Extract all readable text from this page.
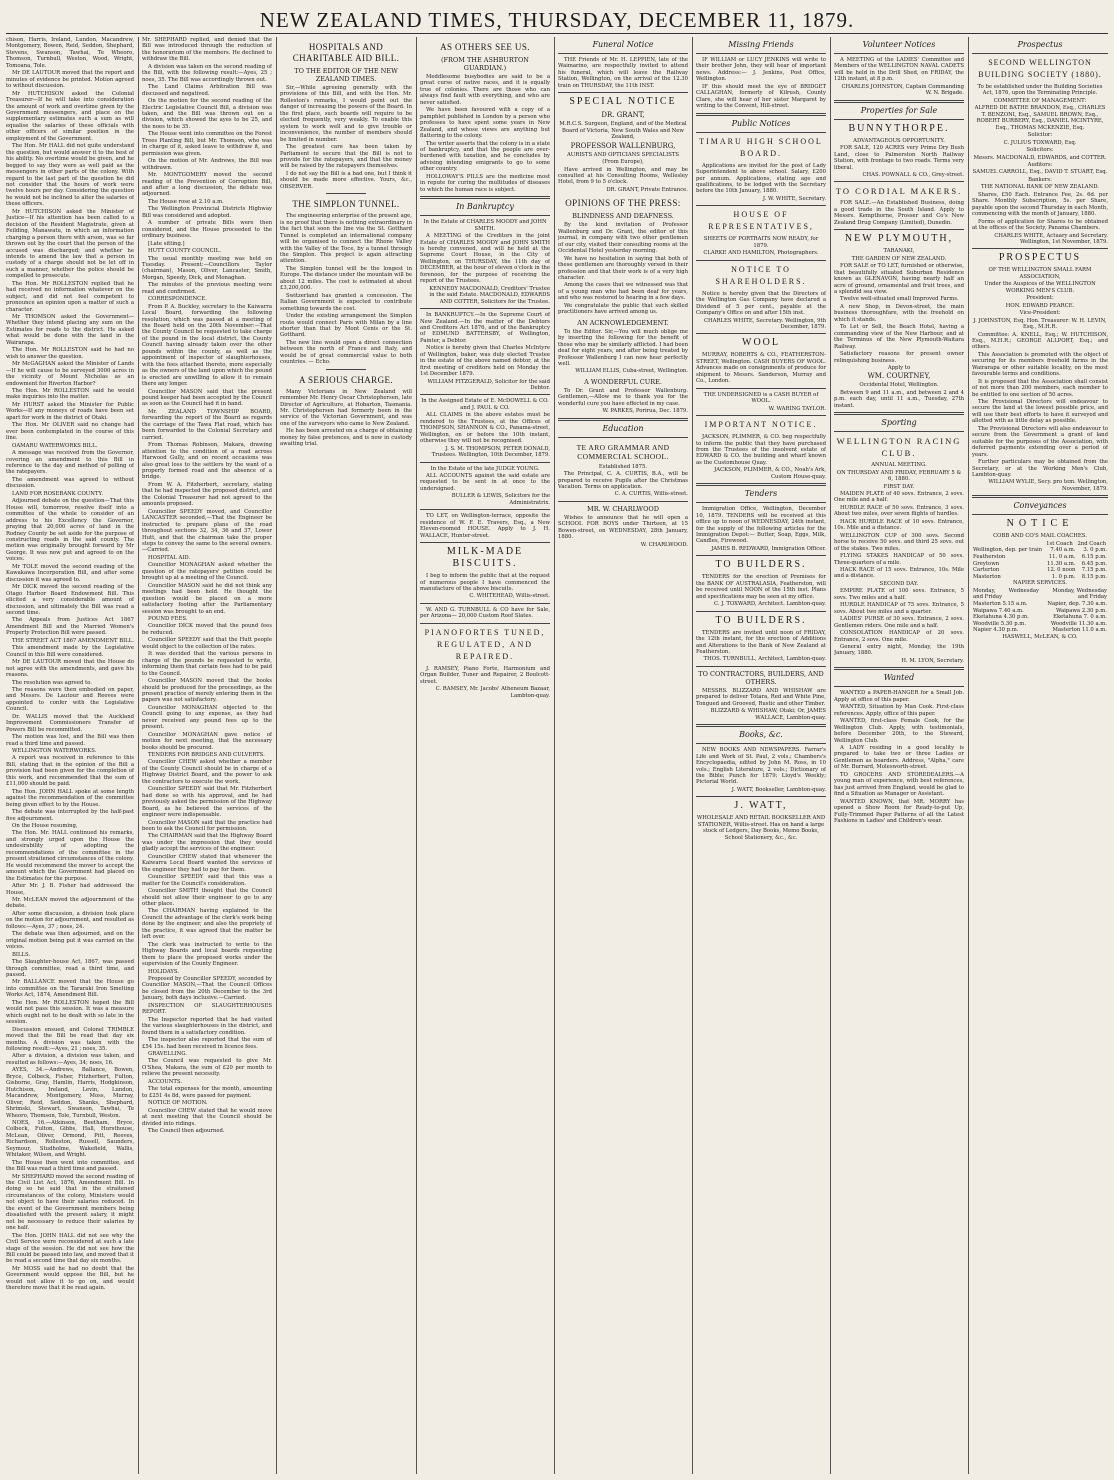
NEW ZEALAND TIMES, THURSDAY, DECEMBER 11, 1879.

chison, Harris, Ireland, Lundon, Macandrew, Montgomery, Bowen, Reid, Seddon, Shephard, Stevens, Swanson, Tawhai, Te Wheoro, Thomson, Turnbull, Weston, Wood, Wright, Tomoana, Tole.

Mr DE LAUTOUR moved that the report and minutes of evidence be printed. Motion agreed to without discussion.

Mr HUTCHISON asked the Colonial Treasurer—If he will take into consideration the amount of work and overtime given by the Government messengers, and place on the supplementary estimates such a sum as will equalise the salaries of these officials with other officers of similar position in the employment of the Government.

The Hon. Mr HALL did not quite understand the question, but would answer it to the best of his ability. No overtime would be given, and he begged to say they were as well paid as the messengers in other parts of the colony. With regard to the last part of the question he did not consider that the hours of work were twelve hours per day. Considering the question he would not be inclined to alter the salaries of these officers.

Mr HUTCHISON asked the Minister of Justice—If his attention has been called to a decision of the Resident Magistrate, given at Feilding, Manawatu, in which an information charging a person there with arson, was so far thrown out by the court that the person of the accused was discharged; and whether he intends to amend the law that a person in custody of a charge should not be let off in such a manner, whether the police should be compelled to prosecute.

The Hon. Mr ROLLESTON replied that he had received no information whatever on the subject, and did not feel competent to pronounce an opinion upon a matter of such a character.

Mr THOMSON asked the Government—Whether they intend placing any sum on the Estimates for roads to the district. He asked what would be done with the land in the Wairarapa.

The Hon. Mr ROLLESTON said he had no wish to answer the question.

Mr McGAGHAN asked the Minister of Lands—If he will cause to be surveyed 3000 acres in the vicinity of Mount Nicholas as an endowment for Riverton Harbor?

The Hon. Mr ROLLESTON said he would make inquiries into the matter.

Mr HURST asked the Minister for Public Works—If any moneys of roads have been set apart for work in the district of Otaki.

The Hon. Mr OLIVER said no change had ever been contemplated in the course of this line.

OAMARU WATERWORKS BILL.

A message was received from the Governor, covering an amendment to this Bill in reference to the day and method of polling of the ratepayers.

The amendment was agreed to without discussion.

LAND FOR ROSEBANK COUNTY.

Adjourned debate on the question—That this House will, tomorrow, resolve itself into a committee of the whole to consider of an address to his Excellency the Governor, praying that 20,000 acres of land in the Rodney County be set aside for the purpose of constructing roads in the said county. The motion was originally brought forward by Mr George. It was now put and agreed to on the voices.

Mr TOLE moved the second reading of the Kawakawa Incorporation Bill, and after some discussion it was agreed to.

Mr DICK moved the second reading of the Otago Harbor Board Endowment Bill. This elicited a very considerable amount of discussion, and ultimately the Bill was read a second time.

The Appeals from Justices Act 1867 Amendment Bill and the Married Women's Property Protection Bill were passed.

THE STREET ACT 1867 AMENDMENT BILL.

This amendment made by the Legislative Council in this Bill were considered.

Mr DE LAUTOUR moved that the House do not agree with the amendments, and gave his reasons.

The resolution was agreed to.

The reasons were then embodied on paper, and Messrs. De Lautour and Reeves were appointed to confer with the Legislative Council.

Dr. WALLIS moved that the Auckland Improvement Commissioners Transfer of Powers Bill be recommitted.

The motion was lost, and the Bill was then read a third time and passed.

WELLINGTON WATERWORKS.

A report was received in reference to this Bill, stating that in the opinion of the Bill a provision had been given for the completion of this work, and recommended that the sum of £11,000 should be paid.

The Hon. JOHN HALL spoke at some length against the recommendation of the committee being given effect to by the House.

The debate was interrupted by the half-past five adjournment.

On the House resuming,

The Hon. Mr. HALL continued his remarks, and strongly urged upon the House the undesirability of adopting the recommendations of the committee in the present straitened circumstances of the colony. He would recommend the mover to accept the amount which the Government had placed on the Estimates for the purpose.

After Mr. J. B. Fisher had addressed the House,

Mr. McLEAN moved the adjournment of the debate.

After some discussion, a division took place on the motion for adjournment, and resulted as follows:—Ayes, 37 ; noes, 24.

The debate was then adjourned, and on the original motion being put it was carried on the voices.

BILLS.

The Slaughter-house Act, 1867, was passed through committee, read a third time, and passed.

Mr BALLANCE moved that the House go into committee on the Tararaki Iron Smelting Works Act, 1874, Amendment Bill.

The Hon. Mr ROLLESTON hoped the Bill would not pass this session. It was a measure which ought not to be dealt with so late in the session.

Discussion ensued, and Colonel TRIMBLE moved that the Bill be read that day six months. A division was taken with the following result:—Ayes, 21 ; noes, 35.

After a division, a division was taken, and resulted as follows:—Ayes, 34; noes, 16.

AYES, 34.—Andrews, Ballance, Bowen, Bryce, Colbeck, Fisher, Fitzherbert, Fulton, Gisborne, Gray, Hamlin, Harris, Hodgkinson, Hutchison, Ireland, Levin, Lundon, Macandrew, Montgomery, Moss, Murray, Oliver, Reid, Seddon, Shanks, Shephard, Shrimski, Stewart, Swanson, Tawhai, Te Wheoro, Thomson, Tole, Turnbull, Weston.

NOES, 16.—Atkinson, Beetham, Bryce, Colbeck, Fulton, Gibbs, Hall, Hursthouse, McLean, Oliver, Ormond, Pitt, Reeves, Richardson, Rolleston, Russell, Saunders, Seymour, Studholme, Wakefield, Wallis, Whitaker, Wilson, and Wright.

The House then went into committee, and the Bill was read a third time and passed.

Mr SHEPHARD moved the second reading of the Civil List Act, 1876, Amendment Bill. In doing so he said that in the straitened circumstances of the colony, Ministers would not object to have their salaries reduced. In the event of the Government members being dissatisfied with the present salary, it might not be necessary to reduce their salaries by one half.

The Hon. JOHN HALL did not see why the Civil Service were reconsidered at such a late stage of the session. He did not see how the Bill could be passed into law, and moved that it be read a second time that day six months.

Mr MOSS said he had no doubt that the Government would oppose the Bill, but he would not allow it to go on, and would therefore move that it be read again.

Mr. SHEPHARD replied, and denied that the Bill was introduced through the reduction of the honorarium of the members. He declined to withdraw the Bill.

A division was taken on the second reading of the Bill, with the following result:—Ayes, 25 ; noes, 35. The Bill was accordingly thrown out.

The Land Claims Arbitration Bill was discussed and negatived.

On the motion for the second reading of the Electric Legislative Council Bill, a division was taken, and the Bill was thrown out on a division, which showed the ayes to be 25, and the noes to be 35.

The House went into committee on the Forest Trees Planting Bill, but Mr. Thomson, who was in charge of it, asked leave to withdraw it, and permission was given.

On the motion of Mr. Andrews, the Bill was withdrawn.

Mr. MONTGOMERY moved the second reading of the Prevention of Corruption Bill, and after a long discussion, the debate was adjourned.

The House rose at 2.10 a.m.

The Wellington Provincial Districts Highway Bill was considered and adopted.

A number of private Bills were then considered, and the House proceeded to the ordinary business.

[Late sitting.]

HUTT COUNTY COUNCIL.

The usual monthly meeting was held on Tuesday. Present:—Councillors Taylor (chairman), Mason, Oliver, Lancaster, Smith, Morgan, Speedy, Dick, and Monaghan.

The minutes of the previous meeting were read and confirmed.

CORRESPONDENCE.

From P. A. Buckley, secretary to the Kaiwarra Local Board, forwarding the following resolution, which was passed at a meeting of the Board held on the 20th November:—That the County Council be requested to take charge of the pound in the local district, the County Council having already taken over the other pounds within the county, as well as the appointment of inspector of slaughterhouses, with the fees attached thereto, more especially as the owners of the land upon which the pound is erected are unwilling to allow it to remain there any longer.

Councillor MASON said that the present pound keeper had been accepted by the Council as soon as the Council had it in hand.

Mr. ZEALAND TOWNSHIP BOARD, forwarding the report of the Board as regards the carriage of the Tawa Flat road, which has been forwarded to the Colonial Secretary and carried.

From Thomas Robinson, Makara, drawing attention to the condition of a road across Harwood Gully, and on recent occasions was also great loss to the settlers by the want of a properly formed road and the absence of a bridge.

From W. A. Fitzherbert, secretary, stating that he had inspected the proposed district, and the Colonial Treasurer had not agreed to the amounts proposed.

Councillor SPEEDY moved, and Councillor LANCASTER seconded,—That the Engineer be instructed to prepare plans of the road throughout sections 32, 34, 36 and 37, Lower Hutt, and that the chairman take the proper steps to convey the same to the several owners.—Carried.

HOSPITAL AID.

Councillor MONAGHAN asked whether the question of the ratepayers' petition could be brought up at a meeting of the Council.

Councillor MASON said he did not think any meetings had been held. He thought the question would be placed on a more satisfactory footing after the Parliamentary session was brought to an end.

POUND FEES.

Councillor DICK moved that the pound fees be reduced.

Councillor SPEEDY said that the Hutt people would object to the collection of the rates.

It was decided that the various persons in charge of the pounds be requested to write, informing them that certain fees had to be paid to the Council.

Councillor MASON moved that the books should be produced for the proceedings, as the present practice of merely entering them in the papers was not satisfactory.

Councillor MONAGHAN objected to the Council going to any expense, as they had never received any pound fees up to the present.

Councillor MONAGHAN gave notice of motion for next meeting, that the necessary books should be procured.

TENDERS FOR BRIDGES AND CULVERTS.

Councillor CHEW asked whether a member of the County Council should be in charge of a Highway District Board, and the power to ask the contractors to execute the work.

Councillor SPEEDY said that Mr. Fitzherbert had done so with his approval, and he had previously asked the permission of the Highway Board, as he believed the services of the engineer were indispensable.

Councillor MASON said that the practice had been to ask the Council for permission.

The CHAIRMAN said that the Highway Board was under the impression that they would gladly accept the services of the engineer.

Councillor CHEW stated that whenever the Kaiwarra Local Board wanted the services of the engineer they had to pay for them.

Councillor SPEEDY said that this was a matter for the Council's consideration.

Councillor SMITH thought that the Council should not allow their engineer to go to any other place.

The CHAIRMAN having explained to the Council the advantage of the clerk's work being done by the engineer, and also the propriety of the practice, it was agreed that the matter be left over.

The clerk was instructed to write to the Highway Boards and local boards requesting them to place the proposed works under the supervision of the County Engineer.

HOLIDAYS.

Proposed by Councillor SPEEDY, seconded by Councillor MASON,—That the Council Offices be closed from the 20th December to the 3rd January, both days inclusive.—Carried.

INSPECTION OF SLAUGHTERHOUSES REPORT.

The Inspector reported that he had visited the various slaughterhouses in the district, and found them in a satisfactory condition.

The inspector also reported that the sum of £54 15s. had been received in licence fees.

GRAVELLING.

The Council was requested to give Mr. O'Shea, Makara, the sum of £20 per month to relieve the present necessity.

ACCOUNTS.

The total expenses for the month, amounting to £251 4s 8d, were passed for payment.

NOTICE OF MOTION.

Councillor CHEW stated that he would move at next meeting that the Council should be divided into ridings.

The Council then adjourned.

HOSPITALS AND CHARITABLE AID BILL.
TO THE EDITOR OF THE NEW ZEALAND TIMES.

Sir,—While agreeing generally with the provisions of this Bill, and with the Hon. Mr. Rolleston's remarks, I would point out the danger of increasing the powers of the Board. In the first place, such boards will require to be elected frequently, very weakly. To enable this system to work well and to give trouble or inconvenience, the number of members should be limited in number.

The greatest care has been taken by Parliament to secure that the Bill is not to provide for the ratepayers, and that the money will be raised by the ratepayers themselves.

I do not say the Bill is a bad one, but I think it should be made more effective. Yours, &c., OBSERVER.

THE SIMPLON TUNNEL.

The engineering enterprise of the present age, is no proof that there is nothing extraordinary in the fact that soon the line via the St. Gotthard Tunnel is completed an international company will be organised to connect the Rhone Valley with the Valley of the Toce, by a tunnel through the Simplon. This project is again attracting attention.

The Simplon tunnel will be the longest in Europe. The distance under the mountain will be about 12 miles. The cost is estimated at about £3,200,000.

Switzerland has granted a concession. The Italian Government is expected to contribute something towards the cost.

Under the existing arrangement the Simplon route would connect Paris with Milan by a line shorter than that by Mont Cenis or the St. Gotthard.

The new line would open a direct connection between the north of France and Italy, and would be of great commercial value to both countries. — Echo.

A SERIOUS CHARGE.

Many Victorians in New Zealand will remember Mr. Henry Oscar Christophersen, late Director of Agriculture, at Hobarton, Tasmania. Mr. Christophersen had formerly been in the service of the Victorian Government, and was one of the surveyors who came to New Zealand.

He has been arrested on a charge of obtaining money by false pretences, and is now in custody awaiting trial.

AS OTHERS SEE US.
(FROM THE ASHBURTON GUARDIAN.)

Meddlesome busybodies are said to be a great curse of native races, and it is equally true of colonies. There are those who can always find fault with everything, and who are never satisfied.

We have been favoured with a copy of a pamphlet published in London by a person who professes to have spent some years in New Zealand, and whose views are anything but flattering to the colony.

The writer asserts that the colony is in a state of bankruptcy, and that the people are over-burdened with taxation, and he concludes by advising intending emigrants to go to some other country.

HOLLOWAY'S PILLS are the medicine most in repute for curing the multitudes of diseases to which the human race is subject.

In Bankruptcy

In the Estate of CHARLES MOODY and JOHN SMITH.

A MEETING of the Creditors in the joint Estate of CHARLES MOODY and JOHN SMITH is hereby convened, and will be held at the Supreme Court House, in the City of Wellington, on THURSDAY, the 11th day of DECEMBER, at the hour of eleven o'clock in the forenoon, for the purpose of receiving the report of the Trustees.

KENNEDY MACDONALD, Creditors' Trustee in the said Estate. MACDONALD, EDWARDS AND COTTER, Solicitors for the Trustee.

In BANKRUPTCY.—In the Supreme Court of New Zealand.—In the matter of the Debtors and Creditors Act 1876, and of the Bankruptcy of EDMUND BATTERSBY, of Wellington, Painter, a Debtor.

Notice is hereby given that Charles McIntyre of Wellington, baker, was duly elected Trustee in the estate of the above named debtor, at the first meeting of creditors held on Monday the 1st December 1879.

WILLIAM FITZGERALD, Solicitor for the said Debtor.

In the Assigned Estate of E. McDOWELL & CO. and J. PAUL & CO.

ALL CLAIMS in the above estates must be rendered to the Trustees, at the Offices of THOMPSON, SHANNON & CO., Panama-street, Wellington, on or before the 10th instant, otherwise they will not be recognised.

J. S. M. THOMPSON, PETER DONALD, Trustees. Wellington, 10th December, 1879.

In the Estate of the late JUDGE YOUNG.

ALL ACCOUNTS against the said estate are requested to be sent in at once to the undersigned.

BULLER & LEWIS, Solicitors for the Administratrix.

TO LET, on Wellington-terrace, opposite the residence of W. F. E. Travers, Esq., a New Eleven-roomed HOUSE. Apply to J. H. WALLACE, Hunter-street.

MILK-MADE BISCUITS.

I beg to inform the public that at the request of numerous people I have commenced the manufacture of the above biscuits.

C. WHITEHEAD, Willis-street.

W. AND G. TURNBULL & CO have for Sale, per Arizona— 20,000 Custom Roof Slates.

PIANOFORTES TUNED, REGULATED, AND REPAIRED.

J. RAMSEY, Piano Forte, Harmonium and Organ Builder, Tuner and Repairer, 2 Boulcott-street.

C. RAMSEY, Mr. Jacobs' Atheneum Bazaar, Lambton-quay.

Funeral Notice

THE Friends of Mr. H. LEPPIEN, late of the Waimarino, are respectfully invited to attend his funeral, which will leave the Railway Station, Wellington, on the arrival of the 12.30 train on THURSDAY, the 11th INST.

SPECIAL NOTICE

DR. GRANT,

M.R.C.S. Surgeon, England, and of the Medical Board of Victoria, New South Wales and New Zealand,

PROFESSOR WALLENBURG,

AURISTS AND OPTICIANS SPECIALISTS

(From Europe),

Have arrived in Wellington, and may be consulted at his Consulting Rooms, Wellesley Hotel, from 9 to 5 o'clock.

DR. GRANT, Private Entrance.

OPINIONS OF THE PRESS:
BLINDNESS AND DEAFNESS.

By the kind invitation of Professor Wallenburg and Dr. Grant, the editor of this journal, in company with two other gentlemen of our city, visited their consulting rooms at the Occidental Hotel yesterday morning.

We have no hesitation in saying that both of these gentlemen are thoroughly versed in their profession and that their work is of a very high character.

Among the cases that we witnessed was that of a young man who had been deaf for years, and who was restored to hearing in a few days.

We congratulate the public that such skilled practitioners have arrived among us.

AN ACKNOWLEDGEMENT.

To the Editor. Sir,—You will much oblige me by inserting the following for the benefit of those who may be similarly afflicted. I had been deaf for eight years, and after being treated by Professor Wallenburg I can now hear perfectly well.

WILLIAM ELLIS, Cuba-street, Wellington.

A WONDERFUL CURE.

To Dr. Grant and Professor Wallenburg. Gentlemen,—Allow me to thank you for the wonderful cure you have effected in my case.

W. PARKES, Porirua, Dec. 1879.

Education
TE ARO GRAMMAR AND COMMERCIAL SCHOOL.

Established 1875.

The Principal, C. A. CURTIS, B.A., will be prepared to receive Pupils after the Christmas Vacation. Terms on application.

C. A. CURTIS, Willis-street.

MR. W. CHARLWOOD

Wishes to announce that he will open a SCHOOL FOR BOYS under Thirteen, at 15 Bowen-street, on WEDNESDAY, 28th January, 1880.

W. CHARLWOOD.

Missing Friends

IF WILLIAM or LUCY JENKINS will write to their brother John, they will hear of important news. Address:— J. Jenkins, Post Office, Wellington.

IF this should meet the eye of BRIDGET CALLAGHAN, formerly of Kilrush, County Clare, she will hear of her sister Margaret by writing to the Convent, Hill-street.

Public Notices
TIMARU HIGH SCHOOL BOARD.

Applications are invited for the post of Lady Superintendent to above school. Salary, £200 per annum. Applications, stating age and qualifications, to be lodged with the Secretary before the 10th January, 1880.

J. W. WHITE, Secretary.

HOUSE OF REPRESENTATIVES,

SHEETS OF PORTRAITS NOW READY, for 1879.

CLARKE AND HAMILTON, Photographers.

NOTICE TO SHAREHOLDERS.

Notice is hereby given that the Directors of the Wellington Gas Company have declared a Dividend of 5 per cent., payable at the Company's Office on and after 15th inst.

CHARLES WHITE, Secretary. Wellington, 9th December, 1879.

WOOL

MURRAY, ROBERTS & CO., FEATHERSTON-STREET, Wellington. CASH BUYERS OF WOOL. Advances made on consignments of produce for shipment to Messrs. Sanderson, Murray and Co., London.

THE UNDERSIGNED is a CASH BUYER of WOOL.

W. WARING TAYLOR.

IMPORTANT NOTICE.

JACKSON, PLIMMER, & CO. beg respectfully to inform the public that they have purchased from the Trustees of the insolvent estate of EDWARD & CO. the building and wharf known as the Customhouse Quay.

JACKSON, PLIMMER, & CO., Noah's Ark, Custom House-quay.

Tenders

Immigration Office, Wellington, December 10, 1879. TENDERS will be received at this office up to noon of WEDNESDAY, 24th instant, for the supply of the following articles for the Immigration Depot:— Butter, Soap, Eggs, Milk, Candles, Firewood.

JAMES B. REDWARD, Immigration Officer.

TO BUILDERS.

TENDERS for the erection of Premises for the BANK OF AUSTRALASIA, Featherston, will be received until NOON of the 15th inst. Plans and specifications may be seen at my office.

C. J. TOXWARD, Architect. Lambton-quay.

TO BUILDERS.

TENDERS are invited until noon of FRIDAY, the 12th instant, for the erection of Additions and Alterations to the Bank of New Zealand at Featherston.

THOS. TURNBULL, Architect, Lambton-quay.

TO CONTRACTORS, BUILDERS, AND OTHERS.

MESSRS. BLIZZARD AND WHISHAW are prepared to deliver Totara, Red and White Pine, Tongued and Grooved, Rustic and other Timber.

BLIZZARD & WHISHAW, Otaki; Or, JAMES WALLACE, Lambton-quay.

Books, &c.

NEW BOOKS AND NEWSPAPERS. Farrar's Life and Work of St. Paul, 2 vols.; Chambers's Encyclopaedia, edited by John M. Ross, in 10 vols.; English Literature, 2 vols.; Dictionary of the Bible; Punch for 1879; Lloyd's Weekly; Pictorial World.

J. WATT, Bookseller, Lambton-quay.

J. WATT,

WHOLESALE AND RETAIL BOOKSELLER AND STATIONER, Willis-street. Has on hand a large stock of Ledgers, Day Books, Memo Books, School Stationery, &c., &c.

Volunteer Notices

A MEETING of the LADIES' Committee and Members of the WELLINGTON NAVAL CADETS will be held in the Drill Shed, on FRIDAY, the 12th instant, at 8 p.m.

CHARLES JOHNSTON, Captain Commanding W. N. Brigade.

Properties for Sale
BUNNYTHORPE.

ADVANTAGEOUS OPPORTUNITY.

FOR SALE, 120 ACRES very Prime Dry Bush Land, close to Palmerston North Railway Station, with frontage to two roads. Terms very liberal.

CHAS. POWNALL & CO., Grey-street.

TO CORDIAL MAKERS.

FOR SALE.—An Established Business, doing a good trade in the South Island. Apply to Messrs. Kempthorne, Prosser and Co's New Zealand Drug Company (Limited), Dunedin.

NEW PLYMOUTH,

TARANAKI,

THE GARDEN OF NEW ZEALAND.

FOR SALE or TO LET, furnished or otherwise, that beautifully situated Suburban Residence known as GLENAVON, having nearly half an acre of ground, ornamental and fruit trees, and a splendid sea view.

Twelve well-situated small Improved Farms.

A new Shop, in Devon-street, the main business thoroughfare, with the freehold on which it stands.

To Let or Sell, the Beach Hotel, having a commanding view of the New Harbour, and at the Terminus of the New Plymouth-Waitara Railway.

Satisfactory reasons for present owner relinquishing business.

Apply to

WM. COURTNEY,

Occidental Hotel, Wellington.

Between 9 and 11 a.m., and between 2 and 4 p.m. each day, until 11 a.m., Tuesday, 27th instant.

Sporting
WELLINGTON RACING CLUB.

ANNUAL MEETING.

ON THURSDAY AND FRIDAY, FEBRUARY 5 & 6, 1880.

FIRST DAY.

MAIDEN PLATE of 40 sovs. Entrance, 2 sovs. One mile and a half.

HURDLE RACE of 50 sovs. Entrance, 3 sovs. About two miles, over seven flights of hurdles.

HACK HURDLE RACE of 10 sovs. Entrance, 10s. Mile and a distance.

WELLINGTON CUP of 300 sovs. Second horse to receive 50 sovs. and third 25 sovs. out of the stakes. Two miles.

FLYING STAKES HANDICAP of 50 sovs. Three-quarters of a mile.

HACK RACE of 15 sovs. Entrance, 10s. Mile and a distance.

SECOND DAY.

EMPIRE PLATE of 100 sovs. Entrance, 5 sovs. Two miles and a half.

HURDLE HANDICAP of 75 sovs. Entrance, 5 sovs. About two miles and a quarter.

LADIES' PURSE of 30 sovs. Entrance, 2 sovs. Gentlemen riders. One mile and a half.

CONSOLATION HANDICAP of 20 sovs. Entrance, 2 sovs. One mile.

General entry night, Monday, the 19th January, 1880.

H. M. LYON, Secretary.

Wanted

WANTED a PAPER-HANGER for a Small Job. Apply at office of this paper.

WANTED, Situation by Man Cook. First-class references. Apply, office of this paper.

WANTED, first-class Female Cook, for the Wellington Club. Apply, with testimonials, before December 20th, to the Steward, Wellington Club.

A LADY residing in a good locality is prepared to take two or three Ladies or Gentlemen as boarders. Address, "Alpha," care of Mr. Burrard, Molesworth-street.

TO GROCERS AND STOREDEALERS.—A young man of experience, with best references, has just arrived from England, would be glad to find a Situation as Manager or Assistant.

WANTED KNOWN, that MR. MORRY has opened a Show Room for Ready-to-put Up, Fully-Trimmed Paper Patterns of all the Latest Fashions in Ladies' and Children's wear.

Prospectus
SECOND WELLINGTON BUILDING SOCIETY (1880).

To be established under the Building Societies Act, 1876, upon the Terminating Principle.

COMMITTEE OF MANAGEMENT:

ALFRED DE BATHE BRANDON, Esq., CHARLES T. BENZONI, Esq., SAMUEL BROWN, Esq., ROBERT BURBERY, Esq., DANIEL MCINTYRE, Esq., THOMAS MCKENZIE, Esq.

Solicitor:

C. JULIUS TOXWARD, Esq.

Solicitors:

Messrs. MACDONALD, EDWARDS, and COTTER.

Auditors:

SAMUEL CARROLL, Esq., DAVID T. STUART, Esq.

Bankers:

THE NATIONAL BANK OF NEW ZEALAND.

Shares, £50 Each. Entrance Fee, 2s. 6d. per Share. Monthly Subscription, 5s. per Share, payable upon the second Thursday in each Month, commencing with the month of January, 1880.

Forms of application for Shares to be obtained at the offices of the Society, Panama Chambers.

CHARLES WHITE, Actuary and Secretary. Wellington, 1st November, 1879.

PROSPECTUS

OF THE WELLINGTON SMALL FARM ASSOCIATION,

Under the Auspices of the WELLINGTON WORKING MEN'S CLUB.

President:

HON. EDWARD PEARCE.

Vice-President:

J. JOHNSTON, Esq. Hon. Treasurer: W. H. LEVIN, Esq., M.H.R.

Committee: A. KNELL, Esq.; W. HUTCHISON, Esq., M.H.R.; GEORGE ALLPORT, Esq.; and others.

This Association is promoted with the object of securing for its members freehold farms in the Wairarapa or other suitable locality, on the most favourable terms and conditions.

It is proposed that the Association shall consist of not more than 200 members, each member to be entitled to one section of 50 acres.

The Provisional Directors will endeavour to secure the land at the lowest possible price, and will use their best efforts to have it surveyed and allotted with as little delay as possible.

The Provisional Directors will also endeavour to secure from the Government a grant of land suitable for the purposes of the Association, with deferred payments extending over a period of years.

Further particulars may be obtained from the Secretary, or at the Working Men's Club, Lambton-quay.

WILLIAM WYLIE, Secy. pro tem. Wellington, November, 1879.

Conveyances
NOTICE

COBB AND CO'S MAIL COACHES.

	1st Coach	2nd Coach
Wellington, dep. per train	7.40 a.m.	3. 0 p.m.
Featherston	11. 0 a.m.	6.15 p.m.
Greytown	11.30 a.m.	6.45 p.m.
Carterton	12. 0 noon	7.15 p.m.
Masterton	1. 0 p.m.	8.15 p.m.

NAPIER SERVICES.

Monday, Wednesday and Friday	Monday, Wednesday and Friday
Masterton 5.15 a.m.	Napier, dep. 7.30 a.m.
Waipawa 7.40 a.m.	Waipawa 2.30 p.m.
Eketahuna 4.30 p.m.	Eketahuna 7. 0 a.m.
Woodville 5.30 p.m.	Woodville 11.30 a.m.
Napier 4.30 p.m.	Masterton 11.0 a.m.

HASWELL, McLEAN, & CO.
